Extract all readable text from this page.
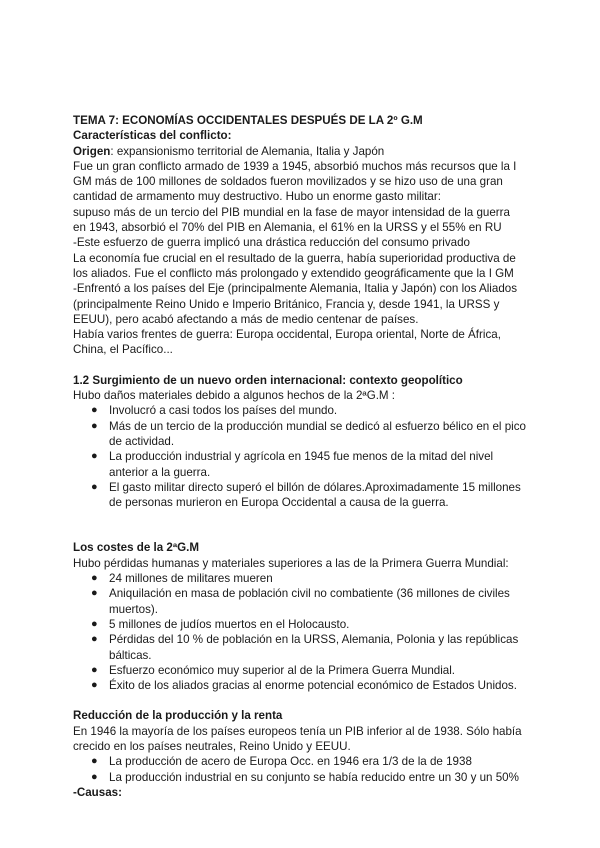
TEMA 7: ECONOMÍAS OCCIDENTALES DESPUÉS DE LA 2º G.M

Características del conflicto:

Origen: expansionismo territorial de Alemania, Italia y Japón

Fue un gran conflicto armado de 1939 a 1945, absorbió muchos más recursos que la I GM más de 100 millones de soldados fueron movilizados y se hizo uso de una gran cantidad de armamento muy destructivo. Hubo un enorme gasto militar:

supuso más de un tercio del PIB mundial en la fase de mayor intensidad de la guerra

en 1943, absorbió el 70% del PIB en Alemania, el 61% en la URSS y el 55% en RU

-Este esfuerzo de guerra implicó una drástica reducción del consumo privado

La economía fue crucial en el resultado de la guerra, había superioridad productiva de los aliados. Fue el conflicto más prolongado y extendido geográficamente que la I GM

-Enfrentó a los países del Eje (principalmente Alemania, Italia y Japón) con los Aliados (principalmente Reino Unido e Imperio Británico, Francia y, desde 1941, la URSS y EEUU), pero acabó afectando a más de medio centenar de países.

Había varios frentes de guerra: Europa occidental, Europa oriental, Norte de África, China, el Pacífico...

1.2 Surgimiento de un nuevo orden internacional: contexto geopolítico

Hubo daños materiales debido a algunos hechos de la 2ªG.M :

● Involucró a casi todos los países del mundo.
● Más de un tercio de la producción mundial se dedicó al esfuerzo bélico en el pico de actividad.
● La producción industrial y agrícola en 1945 fue menos de la mitad del nivel anterior a la guerra.
● El gasto militar directo superó el billón de dólares.Aproximadamente 15 millones de personas murieron en Europa Occidental a causa de la guerra.

Los costes de la 2ªG.M

Hubo pérdidas humanas y materiales superiores a las de la Primera Guerra Mundial:

● 24 millones de militares mueren
● Aniquilación en masa de población civil no combatiente (36 millones de civiles muertos).
● 5 millones de judíos muertos en el Holocausto.
● Pérdidas del 10 % de población en la URSS, Alemania, Polonia y las repúblicas bálticas.
● Esfuerzo económico muy superior al de la Primera Guerra Mundial.
● Éxito de los aliados gracias al enorme potencial económico de Estados Unidos.

Reducción de la producción y la renta

En 1946 la mayoría de los países europeos tenía un PIB inferior al de 1938. Sólo había crecido en los países neutrales, Reino Unido y EEUU.

● La producción de acero de Europa Occ. en 1946 era 1/3 de la de 1938
● La producción industrial en su conjunto se había reducido entre un 30 y un 50%

-Causas:
